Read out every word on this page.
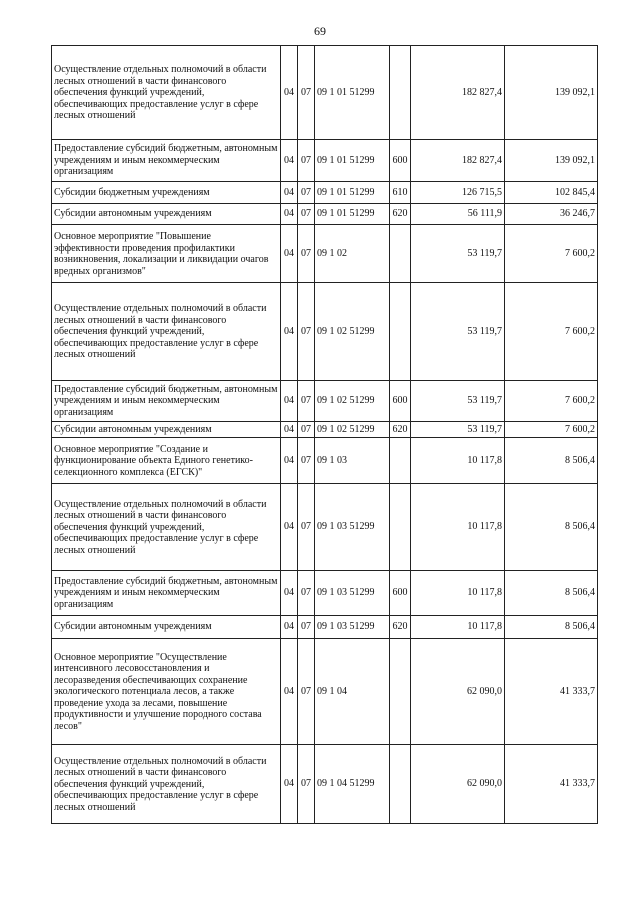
69
Осуществление отдельных полномочий в области лесных отношений в части финансового обеспечения функций учреждений, обеспечивающих предоставление услуг в сфере лесных отношений	04	07	09 1 01 51299		182 827,4	139 092,1
Предоставление субсидий бюджетным, автономным учреждениям и иным некоммерческим организациям	04	07	09 1 01 51299	600	182 827,4	139 092,1
Субсидии бюджетным учреждениям	04	07	09 1 01 51299	610	126 715,5	102 845,4
Субсидии автономным учреждениям	04	07	09 1 01 51299	620	56 111,9	36 246,7
Основное мероприятие "Повышение эффективности проведения профилактики возникновения, локализации и ликвидации очагов вредных организмов"	04	07	09 1 02		53 119,7	7 600,2
Осуществление отдельных полномочий в области лесных отношений в части финансового обеспечения функций учреждений, обеспечивающих предоставление услуг в сфере лесных отношений	04	07	09 1 02 51299		53 119,7	7 600,2
Предоставление субсидий бюджетным, автономным учреждениям и иным некоммерческим организациям	04	07	09 1 02 51299	600	53 119,7	7 600,2
Субсидии автономным учреждениям	04	07	09 1 02 51299	620	53 119,7	7 600,2
Основное мероприятие "Создание и функционирование объекта Единого генетико-селекционного комплекса (ЕГСК)"	04	07	09 1 03		10 117,8	8 506,4
Осуществление отдельных полномочий в области лесных отношений в части финансового обеспечения функций учреждений, обеспечивающих предоставление услуг в сфере лесных отношений	04	07	09 1 03 51299		10 117,8	8 506,4
Предоставление субсидий бюджетным, автономным учреждениям и иным некоммерческим организациям	04	07	09 1 03 51299	600	10 117,8	8 506,4
Субсидии автономным учреждениям	04	07	09 1 03 51299	620	10 117,8	8 506,4
Основное мероприятие "Осуществление интенсивного лесовосстановления и лесоразведения обеспечивающих сохранение экологического потенциала лесов, а также проведение ухода за лесами, повышение продуктивности и улучшение породного состава лесов"	04	07	09 1 04		62 090,0	41 333,7
Осуществление отдельных полномочий в области лесных отношений в части финансового обеспечения функций учреждений, обеспечивающих предоставление услуг в сфере лесных отношений	04	07	09 1 04 51299		62 090,0	41 333,7
